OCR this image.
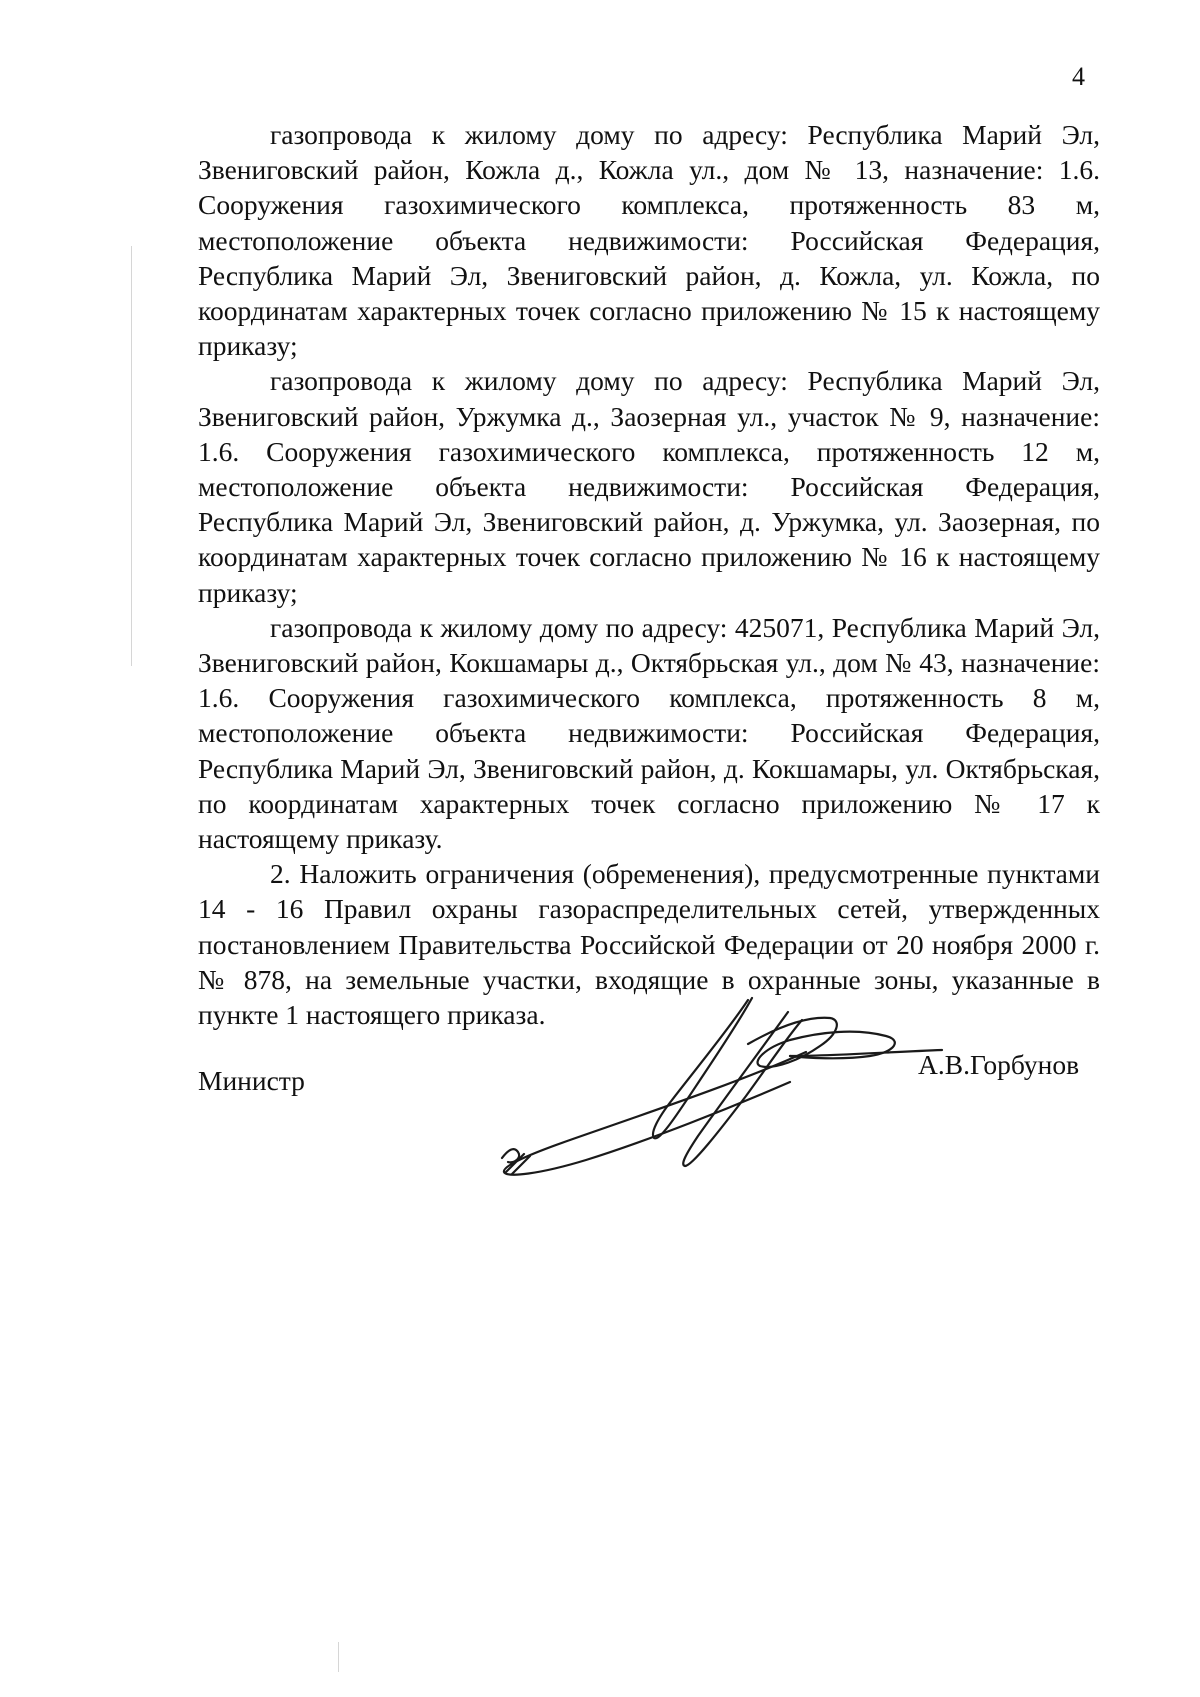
4

газопровода к жилому дому по адресу: Республика Марий Эл, Звениговский район, Кожла д., Кожла ул., дом № 13, назначение: 1.6. Сооружения газохимического комплекса, протяженность 83 м, местоположение объекта недвижимости: Российская Федерация, Республика Марий Эл, Звениговский район, д. Кожла, ул. Кожла, по координатам характерных точек согласно приложению № 15 к настоящему приказу;

газопровода к жилому дому по адресу: Республика Марий Эл, Звениговский район, Уржумка д., Заозерная ул., участок № 9, назначение: 1.6. Сооружения газохимического комплекса, протяженность 12 м, местоположение объекта недвижимости: Российская Федерация, Республика Марий Эл, Звениговский район, д. Уржумка, ул. Заозерная, по координатам характерных точек согласно приложению № 16 к настоящему приказу;

газопровода к жилому дому по адресу: 425071, Республика Марий Эл, Звениговский район, Кокшамары д., Октябрьская ул., дом № 43, назначение: 1.6. Сооружения газохимического комплекса, протяженность 8 м, местоположение объекта недвижимости: Российская Федерация, Республика Марий Эл, Звениговский район, д. Кокшамары, ул. Октябрьская, по координатам характерных точек согласно приложению № 17 к настоящему приказу.

2. Наложить ограничения (обременения), предусмотренные пунктами 14 - 16 Правил охраны газораспределительных сетей, утвержденных постановлением Правительства Российской Федерации от 20 ноября 2000 г. № 878, на земельные участки, входящие в охранные зоны, указанные в пункте 1 настоящего приказа.

Министр
А.В.Горбунов
